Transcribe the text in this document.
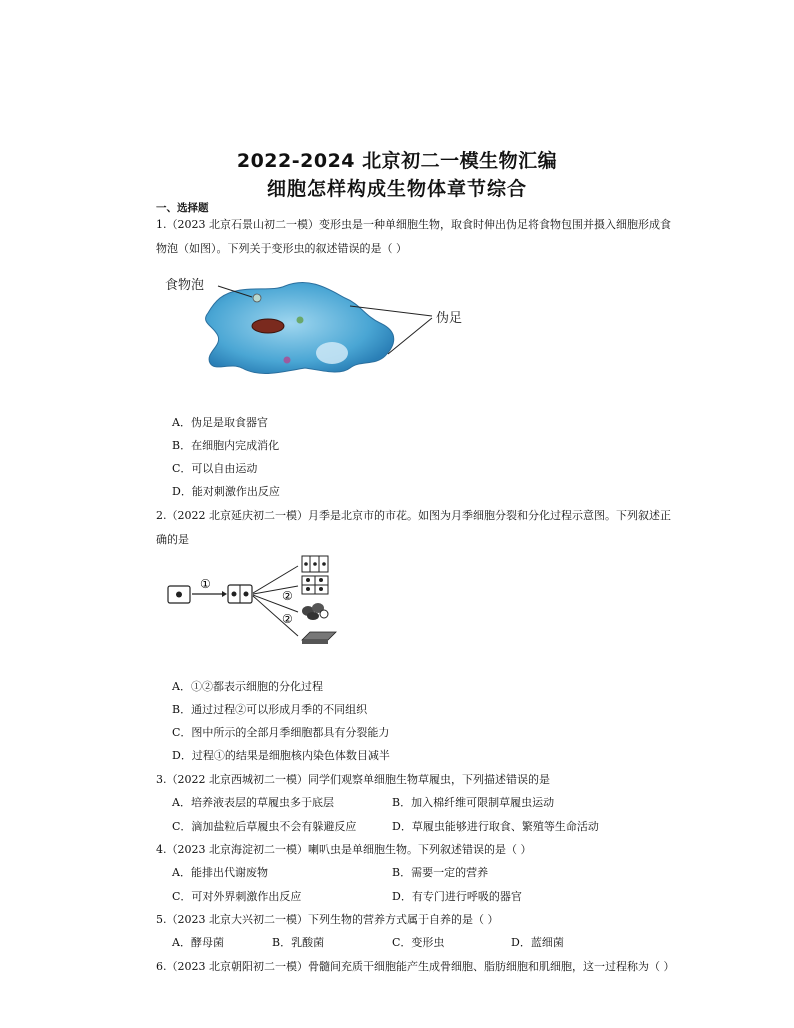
2022-2024 北京初二一模生物汇编
细胞怎样构成生物体章节综合
一、选择题
1.（2023 北京石景山初二一模）变形虫是一种单细胞生物，取食时伸出伪足将食物包围并摄入细胞形成食
物泡（如图）。下列关于变形虫的叙述错误的是（ ）
食物泡
伪足
A．伪足是取食器官
B．在细胞内完成消化
C．可以自由运动
D．能对刺激作出反应
2.（2022 北京延庆初二一模）月季是北京市的市花。如图为月季细胞分裂和分化过程示意图。下列叙述正
确的是
①
②
②
A．①②都表示细胞的分化过程
B．通过过程②可以形成月季的不同组织
C．图中所示的全部月季细胞都具有分裂能力
D．过程①的结果是细胞核内染色体数目减半
3.（2022 北京西城初二一模）同学们观察单细胞生物草履虫，下列描述错误的是
A．培养液表层的草履虫多于底层	B．加入棉纤维可限制草履虫运动
C．滴加盐粒后草履虫不会有躲避反应	D．草履虫能够进行取食、繁殖等生命活动
4.（2023 北京海淀初二一模）喇叭虫是单细胞生物。下列叙述错误的是（ ）
A．能排出代谢废物	B．需要一定的营养
C．可对外界刺激作出反应	D．有专门进行呼吸的器官
5.（2023 北京大兴初二一模）下列生物的营养方式属于自养的是（ ）
A．酵母菌	B．乳酸菌	C．变形虫	D．蓝细菌
6.（2023 北京朝阳初二一模）骨髓间充质干细胞能产生成骨细胞、脂肪细胞和肌细胞，这一过程称为（ ）
